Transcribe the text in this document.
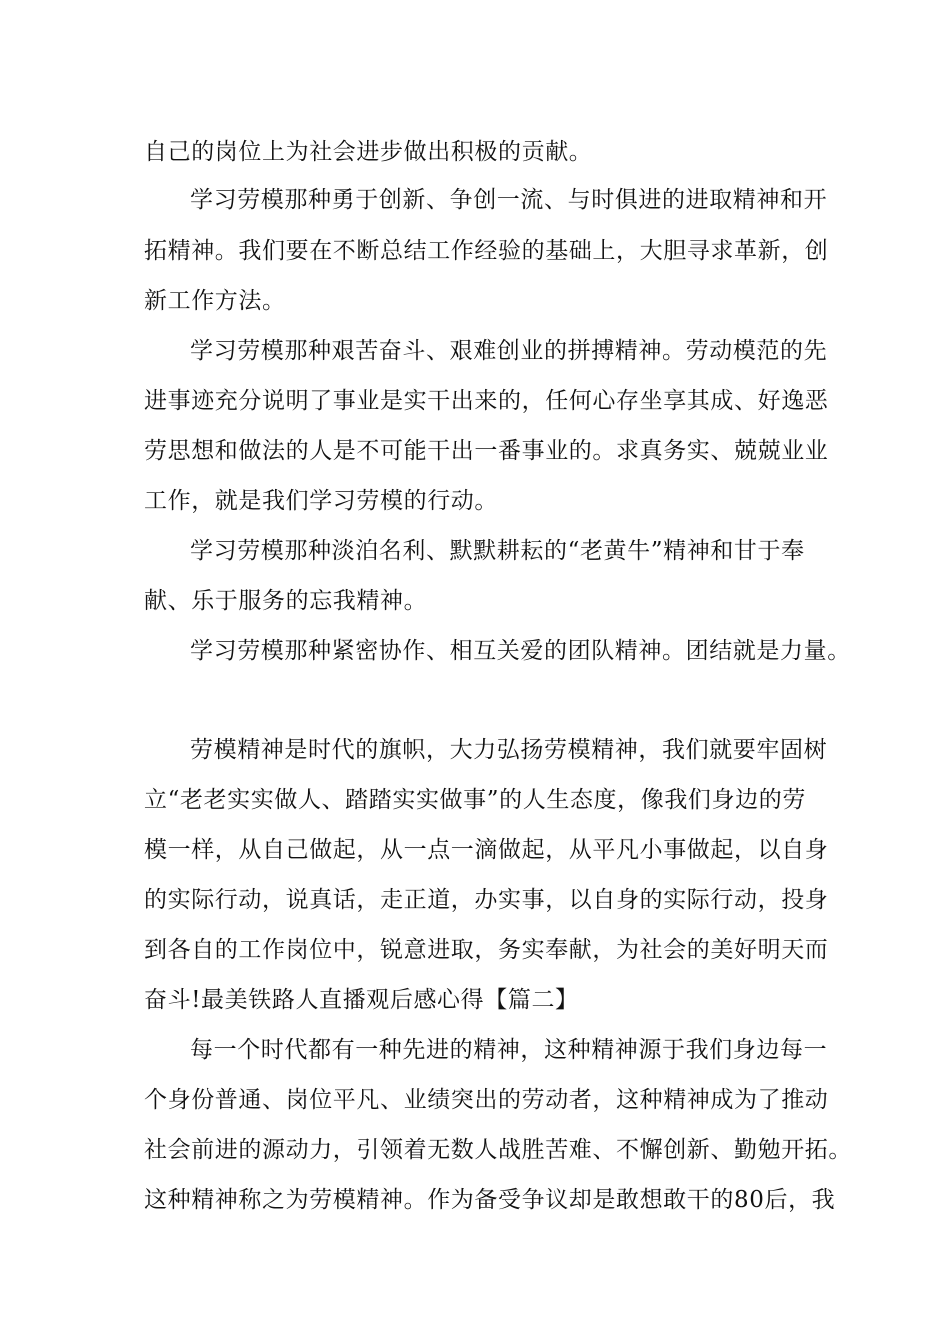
自己的岗位上为社会进步做出积极的贡献。
学习劳模那种勇于创新、争创一流、与时俱进的进取精神和开
拓精神。我们要在不断总结工作经验的基础上，大胆寻求革新，创
新工作方法。
学习劳模那种艰苦奋斗、艰难创业的拼搏精神。劳动模范的先
进事迹充分说明了事业是实干出来的，任何心存坐享其成、好逸恶
劳思想和做法的人是不可能干出一番事业的。求真务实、兢兢业业
工作，就是我们学习劳模的行动。
学习劳模那种淡泊名利、默默耕耘的“老黄牛”精神和甘于奉
献、乐于服务的忘我精神。
学习劳模那种紧密协作、相互关爱的团队精神。团结就是力量。
劳模精神是时代的旗帜，大力弘扬劳模精神，我们就要牢固树
立“老老实实做人、踏踏实实做事”的人生态度，像我们身边的劳
模一样，从自己做起，从一点一滴做起，从平凡小事做起，以自身
的实际行动，说真话，走正道，办实事，以自身的实际行动，投身
到各自的工作岗位中，锐意进取，务实奉献，为社会的美好明天而
奋斗!最美铁路人直播观后感心得【篇二】
每一个时代都有一种先进的精神，这种精神源于我们身边每一
个身份普通、岗位平凡、业绩突出的劳动者，这种精神成为了推动
社会前进的源动力，引领着无数人战胜苦难、不懈创新、勤勉开拓。
这种精神称之为劳模精神。作为备受争议却是敢想敢干的80后，我
